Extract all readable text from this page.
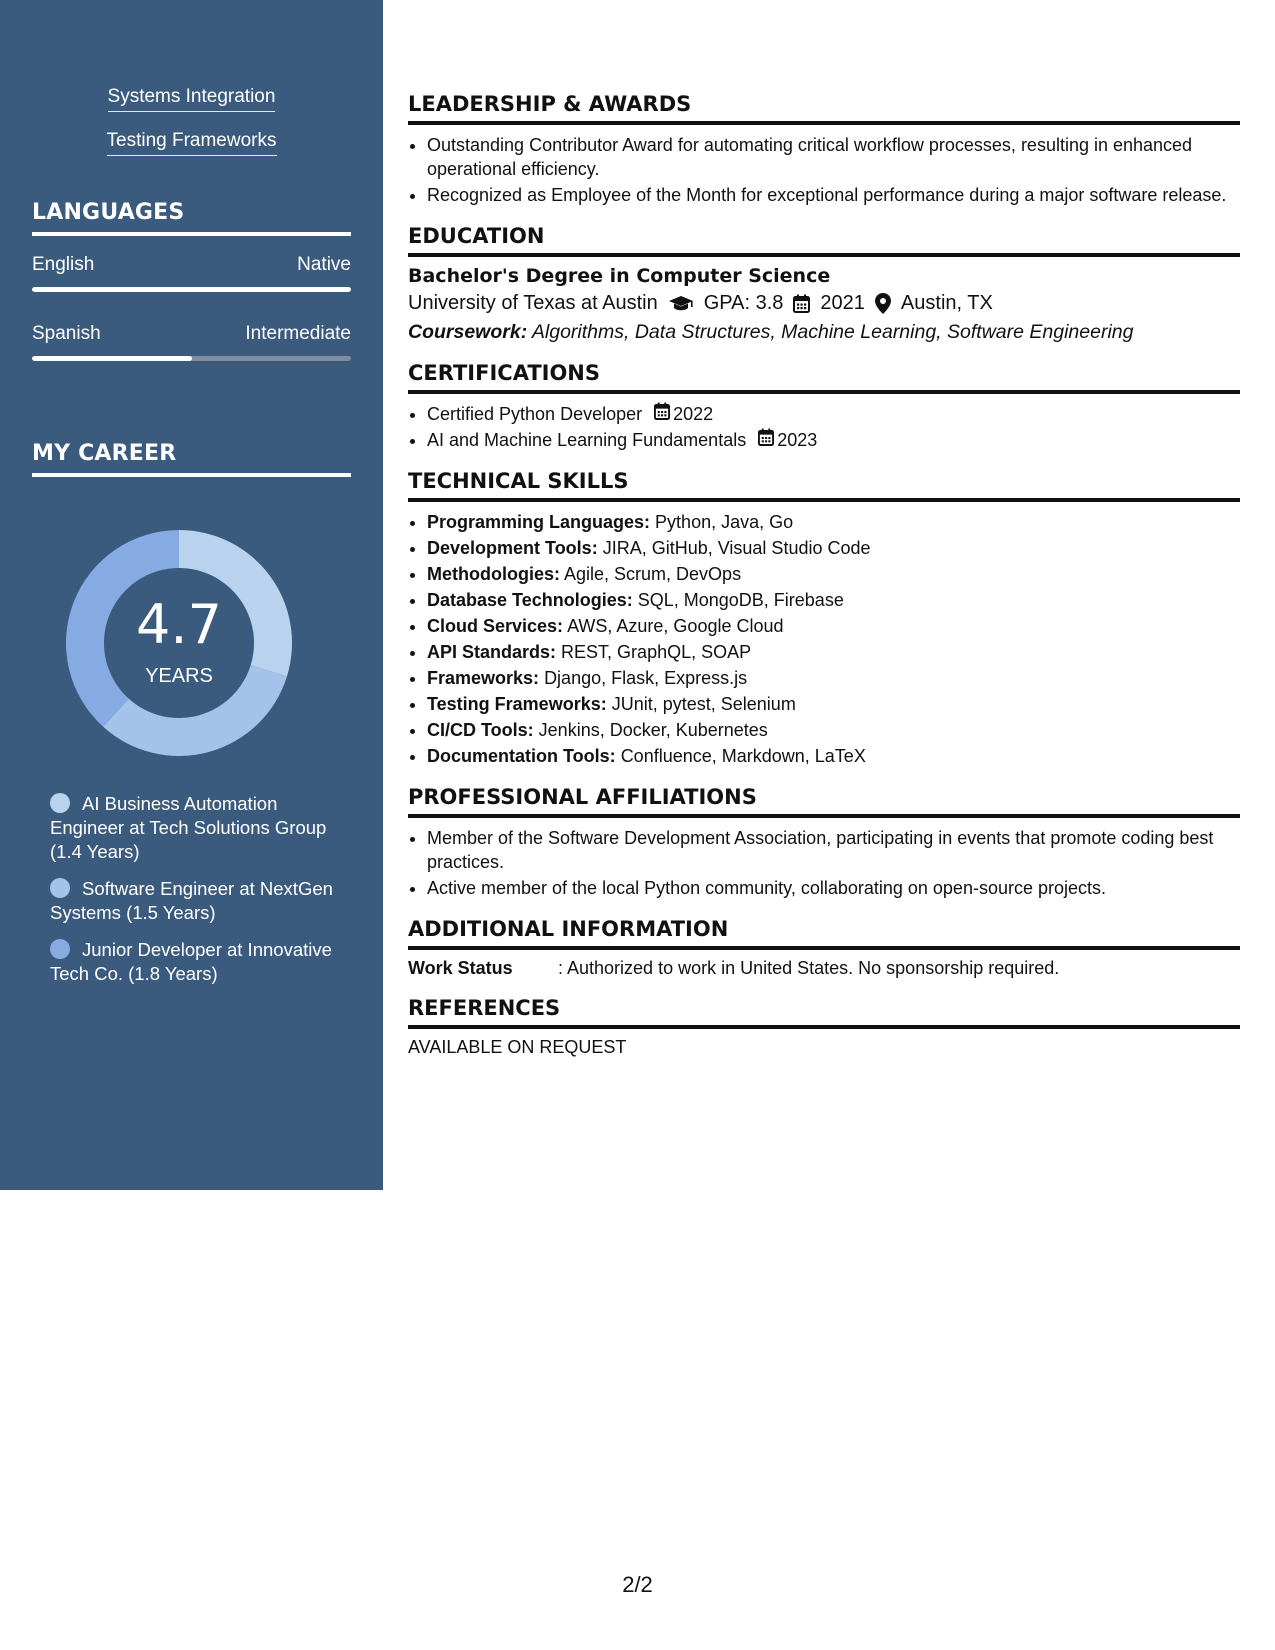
Systems Integration
Testing Frameworks
LANGUAGES
English	Native
Spanish	Intermediate
MY CAREER
4.7
YEARS
AI Business Automation Engineer at Tech Solutions Group (1.4 Years)
Software Engineer at NextGen Systems (1.5 Years)
Junior Developer at Innovative Tech Co. (1.8 Years)
LEADERSHIP & AWARDS
• Outstanding Contributor Award for automating critical workflow processes, resulting in enhanced operational efficiency.
• Recognized as Employee of the Month for exceptional performance during a major software release.
EDUCATION
Bachelor's Degree in Computer Science
University of Texas at Austin GPA: 3.8 2021 Austin, TX
Coursework: Algorithms, Data Structures, Machine Learning, Software Engineering
CERTIFICATIONS
• Certified Python Developer 2022
• AI and Machine Learning Fundamentals 2023
TECHNICAL SKILLS
• Programming Languages: Python, Java, Go
• Development Tools: JIRA, GitHub, Visual Studio Code
• Methodologies: Agile, Scrum, DevOps
• Database Technologies: SQL, MongoDB, Firebase
• Cloud Services: AWS, Azure, Google Cloud
• API Standards: REST, GraphQL, SOAP
• Frameworks: Django, Flask, Express.js
• Testing Frameworks: JUnit, pytest, Selenium
• CI/CD Tools: Jenkins, Docker, Kubernetes
• Documentation Tools: Confluence, Markdown, LaTeX
PROFESSIONAL AFFILIATIONS
• Member of the Software Development Association, participating in events that promote coding best practices.
• Active member of the local Python community, collaborating on open-source projects.
ADDITIONAL INFORMATION
Work Status	: Authorized to work in United States. No sponsorship required.
REFERENCES
AVAILABLE ON REQUEST
2/2
